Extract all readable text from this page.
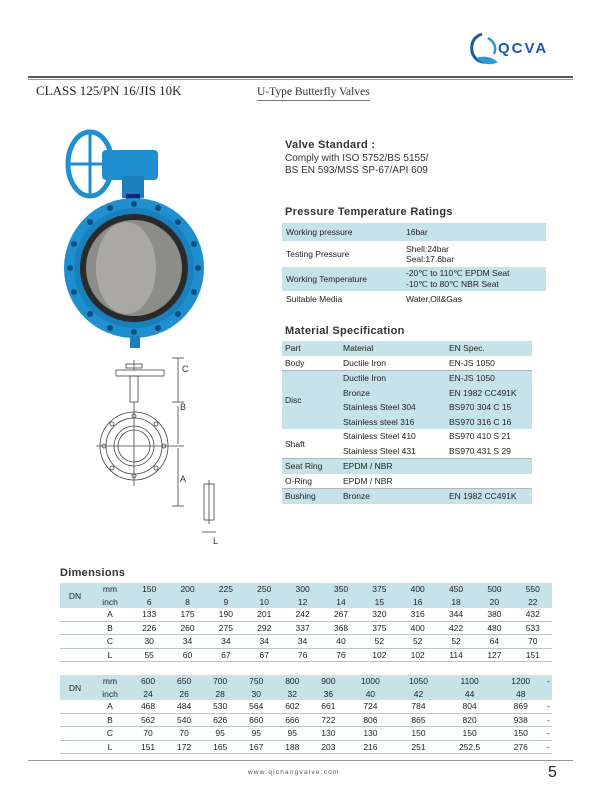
QCVA
CLASS 125/PN 16/JIS 10K	U-Type Butterfly Valves
C
B
A
L
Valve Standard :
Comply with ISO 5752/BS 5155/
BS EN 593/MSS SP-67/API 609
Pressure Temperature Ratings
Working pressure	16bar
Testing Pressure	Shell:24bar
Seal:17.6bar

Working Temperature	-20℃ to 110℃ EPDM Seat
-10℃ to 80℃ NBR Seat

Suitable Media	Water,Oil&Gas
Material Specification
Part	Material	EN Spec.
Body	Ductile Iron	EN-JS 1050
Disc	Ductile Iron	EN-JS 1050
	Bronze	EN 1982 CC491K
	Stainless Steel 304	BS970 304 C 15
	Stainless steel 316	BS970 316 C 16
Shaft	Stainless Steel 410	BS970 410 S 21
	Stainless Steel 431	BS970 431 S 29
Seat Ring	EPDM / NBR	
O-Ring	EPDM / NBR	
Bushing	Bronze	EN 1982 CC491K
Dimensions
DN	mm	150	200	225	250	300	350	375	400	450	500	550
	inch	6	8	9	10	12	14	15	16	18	20	22
	A	133	175	190	201	242	267	320	316	344	380	432
	B	226	260	275	292	337	368	375	400	422	480	533
	C	30	34	34	34	34	40	52	52	52	64	70
	L	55	60	67	67	76	76	102	102	114	127	151
DN	mm	600	650	700	750	800	900	1000	1050	1100	1200	-
	inch	24	26	28	30	32	36	40	42	44	48	
	A	468	484	530	564	602	661	724	784	804	869	-
	B	562	540	626	660	666	722	806	865	820	938	-
	C	70	70	95	95	95	130	130	150	150	150	-
	L	151	172	165	167	188	203	216	251	252.5	276	-
www.qichangvalve.com	5
